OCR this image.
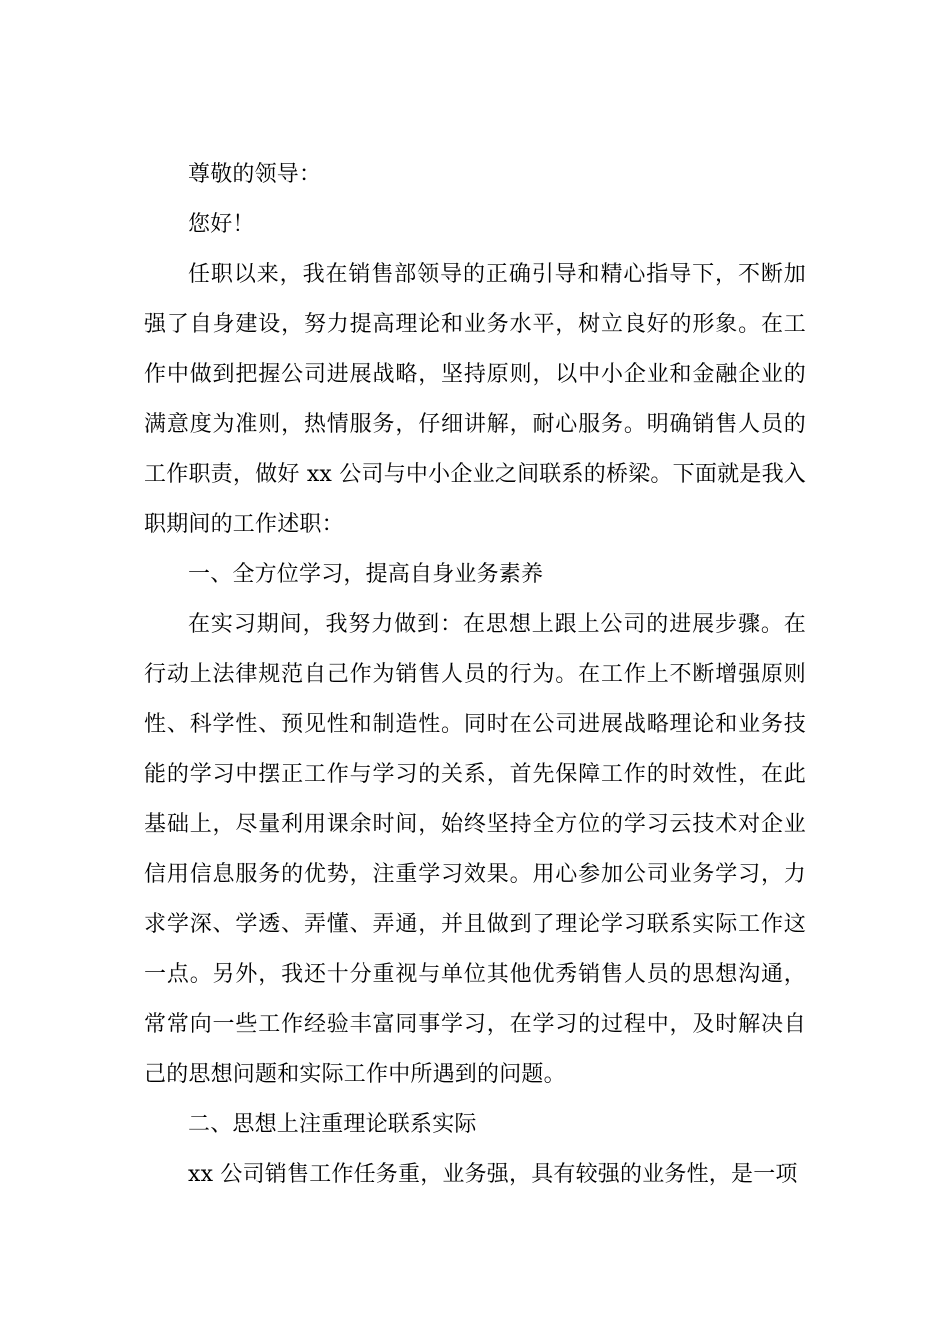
尊敬的领导：

您好！

任职以来，我在销售部领导的正确引导和精心指导下，不断加强了自身建设，努力提高理论和业务水平，树立良好的形象。在工作中做到把握公司进展战略，坚持原则，以中小企业和金融企业的满意度为准则，热情服务，仔细讲解，耐心服务。明确销售人员的工作职责，做好 xx 公司与中小企业之间联系的桥梁。下面就是我入职期间的工作述职：

一、全方位学习，提高自身业务素养

在实习期间，我努力做到：在思想上跟上公司的进展步骤。在行动上法律规范自己作为销售人员的行为。在工作上不断增强原则性、科学性、预见性和制造性。同时在公司进展战略理论和业务技能的学习中摆正工作与学习的关系，首先保障工作的时效性，在此基础上，尽量利用课余时间，始终坚持全方位的学习云技术对企业信用信息服务的优势，注重学习效果。用心参加公司业务学习，力求学深、学透、弄懂、弄通，并且做到了理论学习联系实际工作这一点。另外，我还十分重视与单位其他优秀销售人员的思想沟通，常常向一些工作经验丰富同事学习，在学习的过程中，及时解决自己的思想问题和实际工作中所遇到的问题。

二、思想上注重理论联系实际

xx 公司销售工作任务重，业务强，具有较强的业务性，是一项
